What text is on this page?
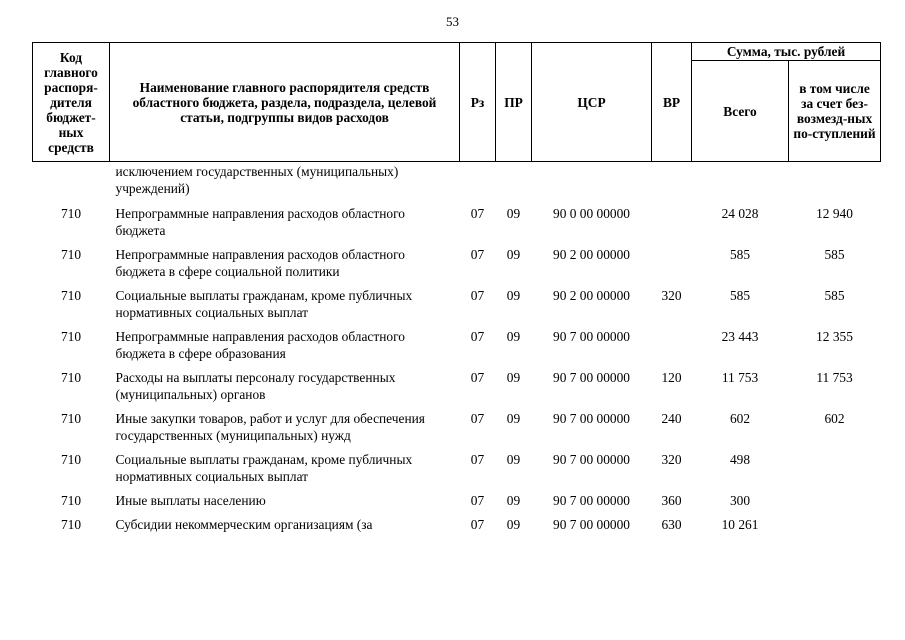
53
Код главного распоря-дителя бюджет-ных средств	Наименование главного распорядителя средств областного бюджета, раздела, подраздела, целевой статьи, подгруппы видов расходов	Рз	ПР	ЦСР	ВР	Сумма, тыс. рублей	
						Всего	в том числе за счет без-возмезд-ных по-ступлений
	исключением государственных (муниципальных) учреждений)						
710	Непрограммные направления расходов областного бюджета	07	09	90 0 00 00000		24 028	12 940
710	Непрограммные направления расходов областного бюджета в сфере социальной политики	07	09	90 2 00 00000		585	585
710	Социальные выплаты гражданам, кроме публичных нормативных социальных выплат	07	09	90 2 00 00000	320	585	585
710	Непрограммные направления расходов областного бюджета в сфере образования	07	09	90 7 00 00000		23 443	12 355
710	Расходы на выплаты персоналу государственных (муниципальных) органов	07	09	90 7 00 00000	120	11 753	11 753
710	Иные закупки товаров, работ и услуг для обеспечения государственных (муниципальных) нужд	07	09	90 7 00 00000	240	602	602
710	Социальные выплаты гражданам, кроме публичных нормативных социальных выплат	07	09	90 7 00 00000	320	498	
710	Иные выплаты населению	07	09	90 7 00 00000	360	300	
710	Субсидии некоммерческим организациям (за	07	09	90 7 00 00000	630	10 261	
